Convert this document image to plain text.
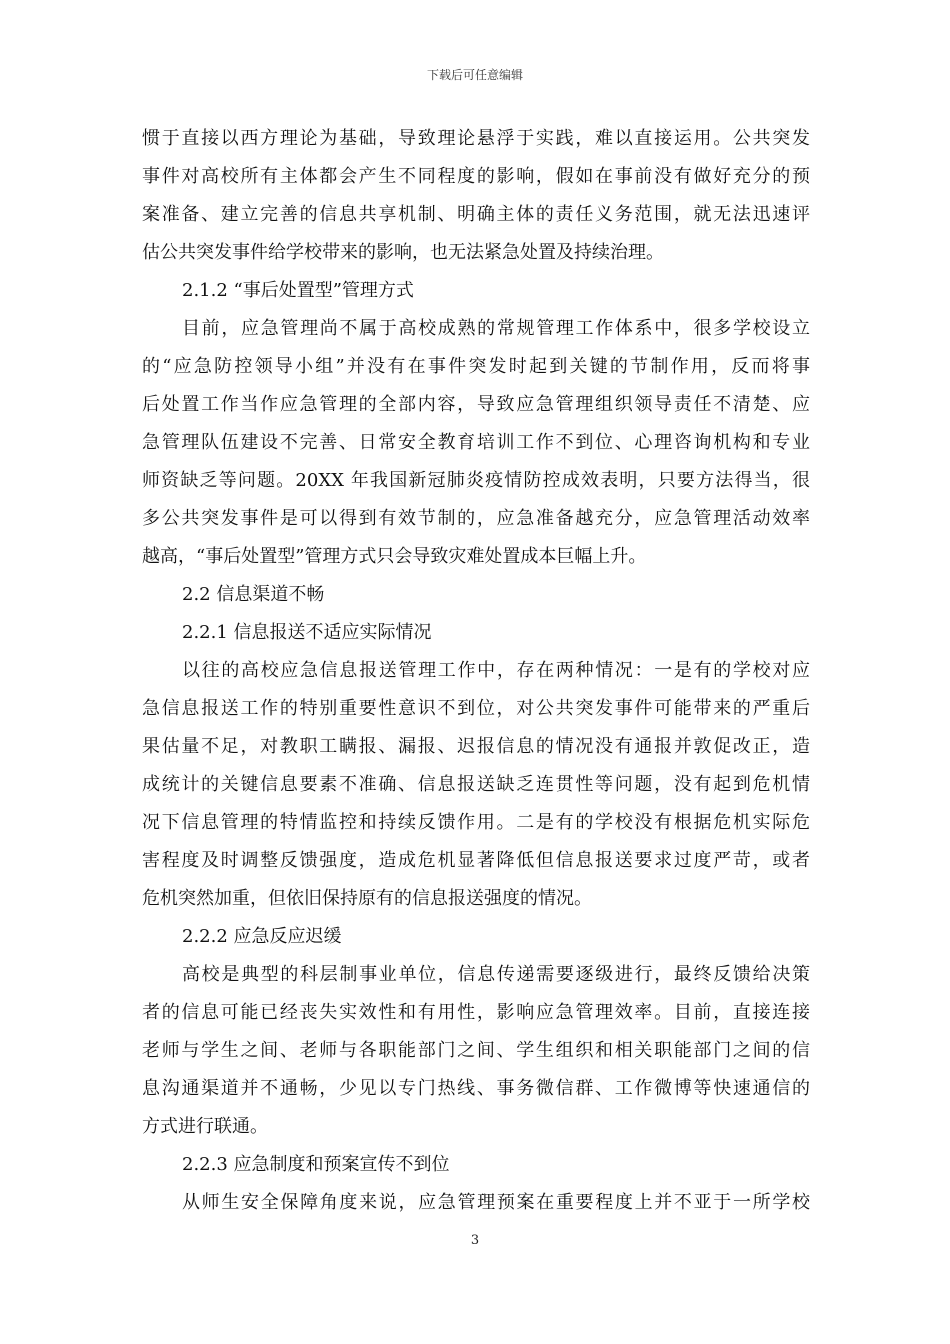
下载后可任意编辑
惯于直接以西方理论为基础，导致理论悬浮于实践，难以直接运用。公共突发
事件对高校所有主体都会产生不同程度的影响，假如在事前没有做好充分的预
案准备、建立完善的信息共享机制、明确主体的责任义务范围，就无法迅速评
估公共突发事件给学校带来的影响，也无法紧急处置及持续治理。
2.1.2 “事后处置型”管理方式
目前，应急管理尚不属于高校成熟的常规管理工作体系中，很多学校设立
的“应急防控领导小组”并没有在事件突发时起到关键的节制作用，反而将事
后处置工作当作应急管理的全部内容，导致应急管理组织领导责任不清楚、应
急管理队伍建设不完善、日常安全教育培训工作不到位、心理咨询机构和专业
师资缺乏等问题。20XX 年我国新冠肺炎疫情防控成效表明，只要方法得当，很
多公共突发事件是可以得到有效节制的，应急准备越充分，应急管理活动效率
越高，“事后处置型”管理方式只会导致灾难处置成本巨幅上升。
2.2 信息渠道不畅
2.2.1 信息报送不适应实际情况
以往的高校应急信息报送管理工作中，存在两种情况：一是有的学校对应
急信息报送工作的特别重要性意识不到位，对公共突发事件可能带来的严重后
果估量不足，对教职工瞒报、漏报、迟报信息的情况没有通报并敦促改正，造
成统计的关键信息要素不准确、信息报送缺乏连贯性等问题，没有起到危机情
况下信息管理的特情监控和持续反馈作用。二是有的学校没有根据危机实际危
害程度及时调整反馈强度，造成危机显著降低但信息报送要求过度严苛，或者
危机突然加重，但依旧保持原有的信息报送强度的情况。
2.2.2 应急反应迟缓
高校是典型的科层制事业单位，信息传递需要逐级进行，最终反馈给决策
者的信息可能已经丧失实效性和有用性，影响应急管理效率。目前，直接连接
老师与学生之间、老师与各职能部门之间、学生组织和相关职能部门之间的信
息沟通渠道并不通畅，少见以专门热线、事务微信群、工作微博等快速通信的
方式进行联通。
2.2.3 应急制度和预案宣传不到位
从师生安全保障角度来说，应急管理预案在重要程度上并不亚于一所学校
3
